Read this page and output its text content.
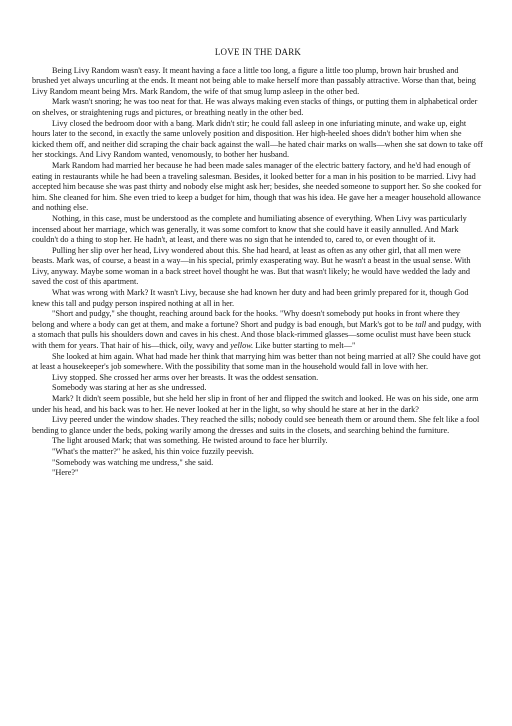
LOVE IN THE DARK

Being Livy Random wasn't easy. It meant having a face a little too long, a figure a little too plump, brown hair brushed and brushed yet always uncurling at the ends. It meant not being able to make herself more than passably attractive. Worse than that, being Livy Random meant being Mrs. Mark Random, the wife of that smug lump asleep in the other bed.

Mark wasn't snoring; he was too neat for that. He was always making even stacks of things, or putting them in alphabetical order on shelves, or straightening rugs and pictures, or breathing neatly in the other bed.

Livy closed the bedroom door with a bang. Mark didn't stir; he could fall asleep in one infuriating minute, and wake up, eight hours later to the second, in exactly the same unlovely position and disposition. Her high-heeled shoes didn't bother him when she kicked them off, and neither did scraping the chair back against the wall—he hated chair marks on walls—when she sat down to take off her stockings. And Livy Random wanted, venomously, to bother her husband.

Mark Random had married her because he had been made sales manager of the electric battery factory, and he'd had enough of eating in restaurants while he had been a traveling salesman. Besides, it looked better for a man in his position to be married. Livy had accepted him because she was past thirty and nobody else might ask her; besides, she needed someone to support her. So she cooked for him. She cleaned for him. She even tried to keep a budget for him, though that was his idea. He gave her a meager household allowance and nothing else.

Nothing, in this case, must be understood as the complete and humiliating absence of everything. When Livy was particularly incensed about her marriage, which was generally, it was some comfort to know that she could have it easily annulled. And Mark couldn't do a thing to stop her. He hadn't, at least, and there was no sign that he intended to, cared to, or even thought of it.

Pulling her slip over her head, Livy wondered about this. She had heard, at least as often as any other girl, that all men were beasts. Mark was, of course, a beast in a way—in his special, primly exasperating way. But he wasn't a beast in the usual sense. With Livy, anyway. Maybe some woman in a back street hovel thought he was. But that wasn't likely; he would have wedded the lady and saved the cost of this apartment.

What was wrong with Mark? It wasn't Livy, because she had known her duty and had been grimly prepared for it, though God knew this tall and pudgy person inspired nothing at all in her.

"Short and pudgy," she thought, reaching around back for the hooks. "Why doesn't somebody put hooks in front where they belong and where a body can get at them, and make a fortune? Short and pudgy is bad enough, but Mark's got to be tall and pudgy, with a stomach that pulls his shoulders down and caves in his chest. And those black-rimmed glasses—some oculist must have been stuck with them for years. That hair of his—thick, oily, wavy and yellow. Like butter starting to melt—"

She looked at him again. What had made her think that marrying him was better than not being married at all? She could have got at least a housekeeper's job somewhere. With the possibility that some man in the household would fall in love with her.

Livy stopped. She crossed her arms over her breasts. It was the oddest sensation.

Somebody was staring at her as she undressed.

Mark? It didn't seem possible, but she held her slip in front of her and flipped the switch and looked. He was on his side, one arm under his head, and his back was to her. He never looked at her in the light, so why should he stare at her in the dark?

Livy peered under the window shades. They reached the sills; nobody could see beneath them or around them. She felt like a fool bending to glance under the beds, poking warily among the dresses and suits in the closets, and searching behind the furniture.

The light aroused Mark; that was something. He twisted around to face her blurrily.

"What's the matter?" he asked, his thin voice fuzzily peevish.

"Somebody was watching me undress," she said.

"Here?"
